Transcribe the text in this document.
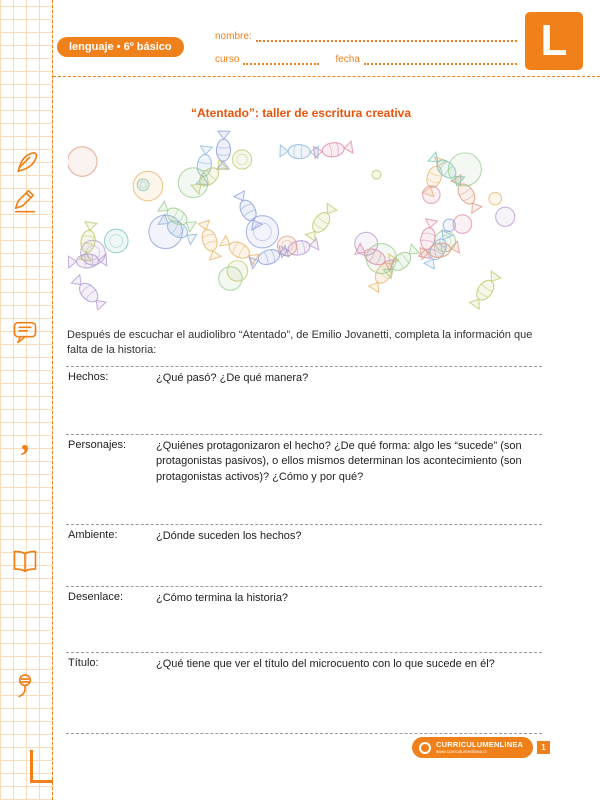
,
lenguaje • 6º básico
nombre:
curso	fecha	L
“Atentado”: taller de escritura creativa

Después de escuchar el audiolibro “Atentado”, de Emilio Jovanetti, completa la información que falta de la historia:

Hechos:	¿Qué pasó? ¿De qué manera?
Personajes:	¿Quiénes protagonizaron el hecho? ¿De qué forma: algo les “sucede” (son protagonistas pasivos), o ellos mismos determinan los acontecimiento (son protagonistas activos)? ¿Cómo y por qué?
Ambiente:	¿Dónde suceden los hechos?
Desenlace:	¿Cómo termina la historia?
Título:	¿Qué tiene que ver el título del microcuento con lo que sucede en él?
CURRÍCULUMENLÍNEA
www.curriculumenlinea.cl	1
